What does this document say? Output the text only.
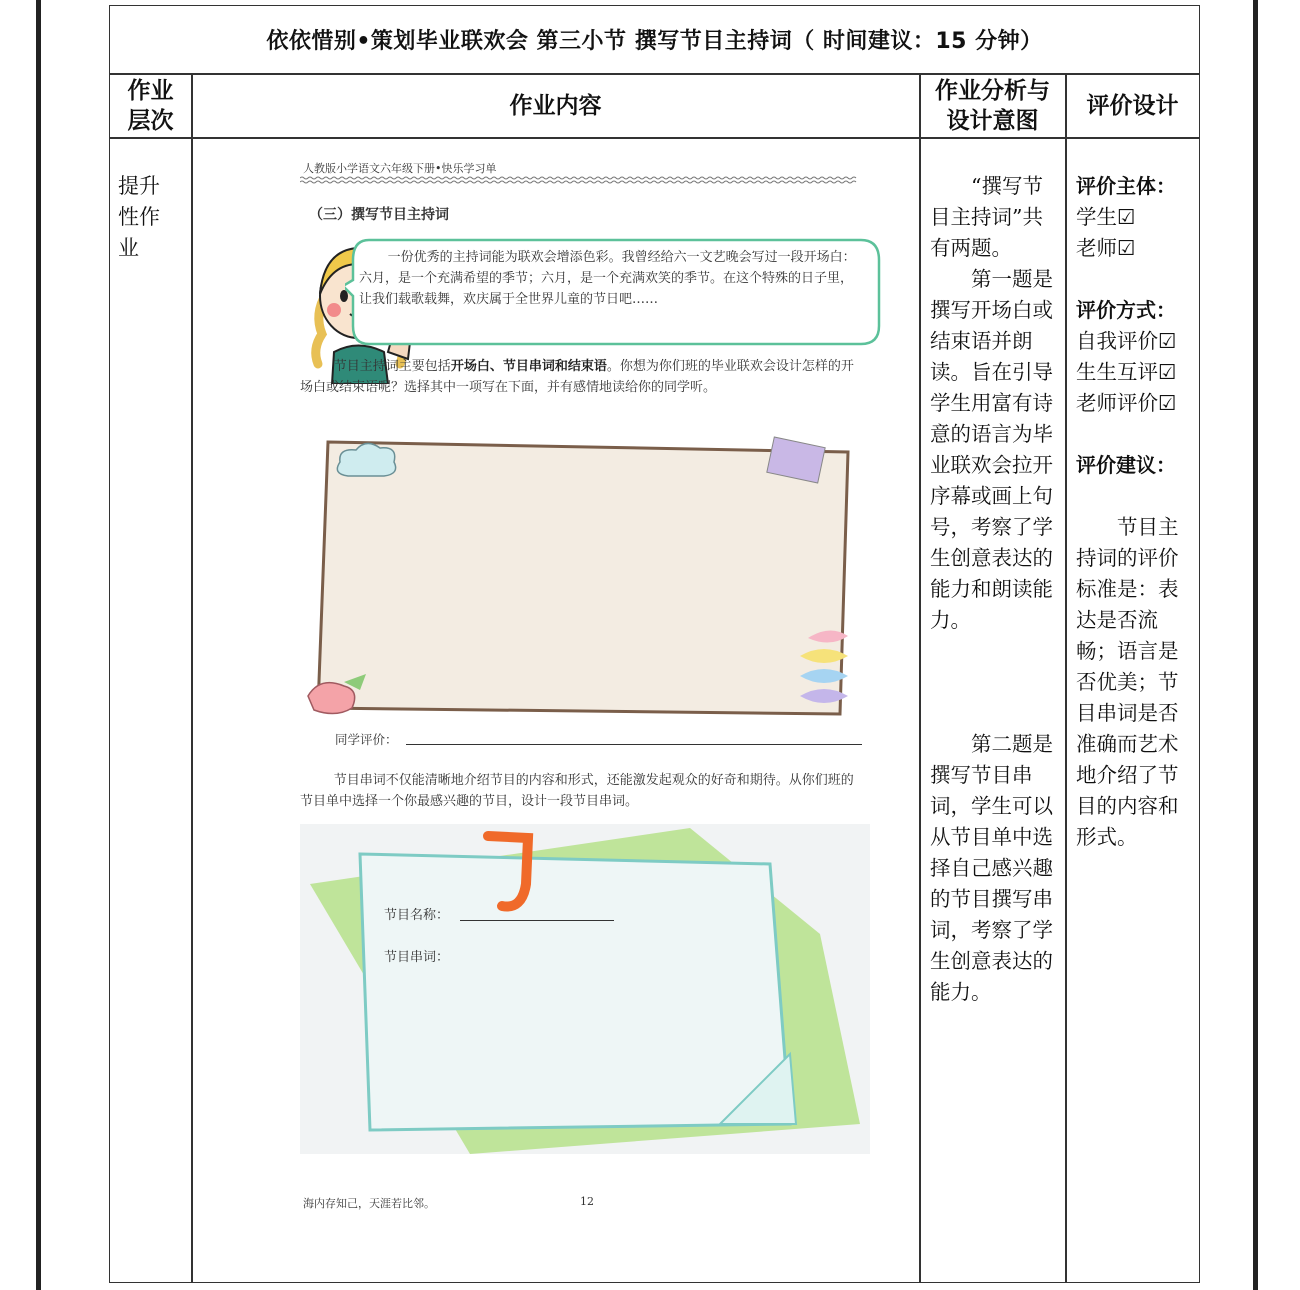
依依惜别•策划毕业联欢会 第三小节 撰写节目主持词（ 时间建议：15 分钟）
作业
层次
作业内容
作业分析与
设计意图
评价设计
提升
性作
业
人教版小学语文六年级下册•快乐学习单
（三）撰写节目主持词
一份优秀的主持词能为联欢会增添色彩。我曾经给六一文艺晚会写过一段开场白：六月，是一个充满希望的季节；六月，是一个充满欢笑的季节。在这个特殊的日子里，让我们载歌载舞，欢庆属于全世界儿童的节日吧……
节目主持词主要包括开场白、节目串词和结束语。你想为你们班的毕业联欢会设计怎样的开场白或结束语呢？选择其中一项写在下面，并有感情地读给你的同学听。
同学评价：
节目串词不仅能清晰地介绍节目的内容和形式，还能激发起观众的好奇和期待。从你们班的节目单中选择一个你最感兴趣的节目，设计一段节目串词。
节目名称：
节目串词：
海内存知己，天涯若比邻。	12

“撰写节目主持词”共有两题。

第一题是撰写开场白或结束语并朗读。旨在引导学生用富有诗意的语言为毕业联欢会拉开序幕或画上句号，考察了学生创意表达的能力和朗读能力。

第二题是撰写节目串词，学生可以从节目单中选择自己感兴趣的节目撰写串词，考察了学生创意表达的能力。

评价主体：

学生☑

老师☑

评价方式：

自我评价☑

生生互评☑

老师评价☑

评价建议：

节目主持词的评价标准是：表达是否流畅；语言是否优美；节目串词是否准确而艺术地介绍了节目的内容和形式。
